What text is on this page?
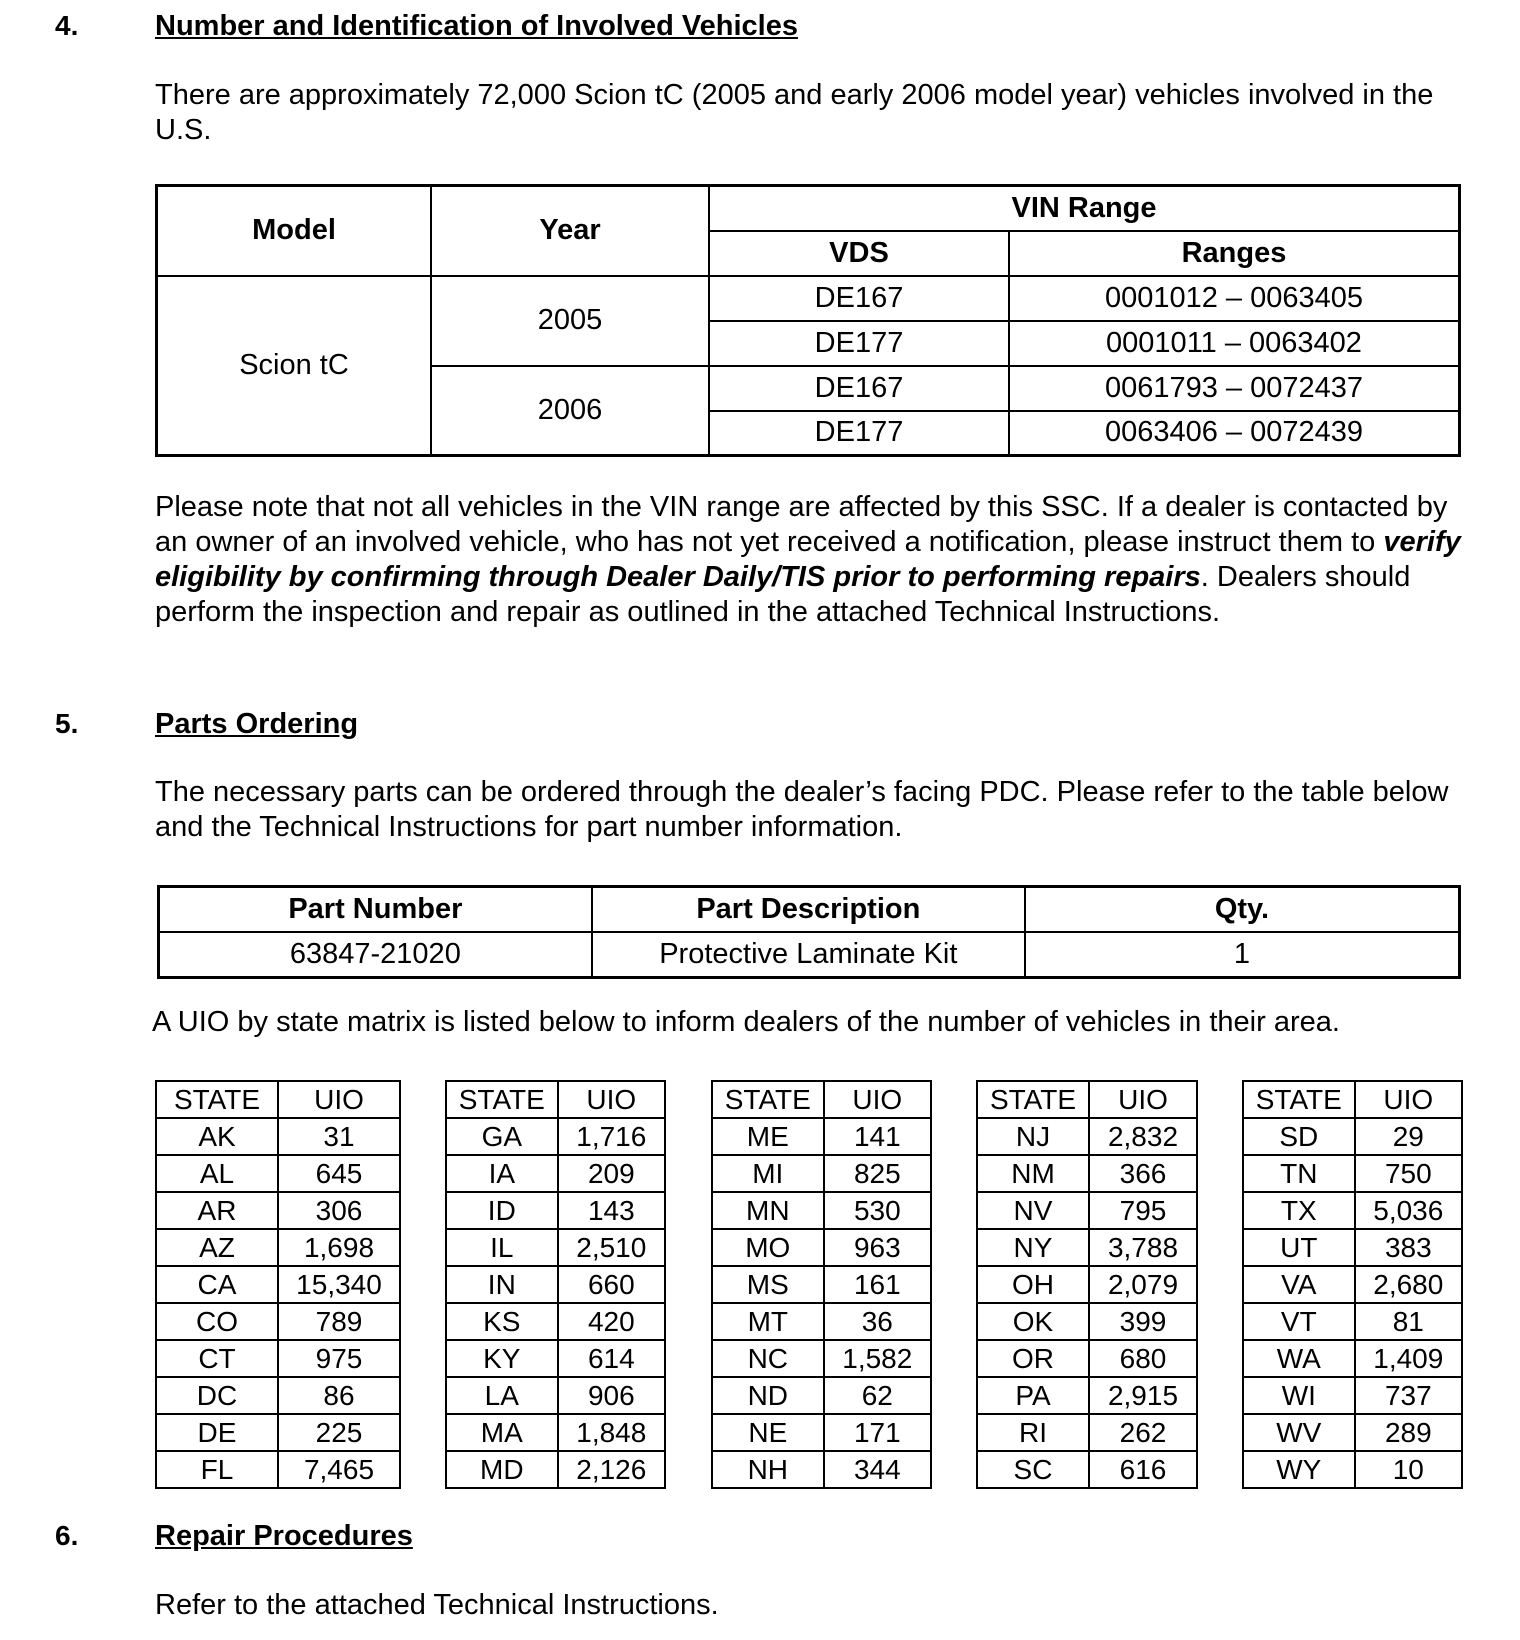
4.	Number and Identification of Involved Vehicles
There are approximately 72,000 Scion tC (2005 and early 2006 model year) vehicles involved in the U.S.
Model	Year	VIN Range	
		VDS	Ranges
Scion tC	2005	DE167	0001012 – 0063405
		DE177	0001011 – 0063402
	2006	DE167	0061793 – 0072437
		DE177	0063406 – 0072439
Please note that not all vehicles in the VIN range are affected by this SSC. If a dealer is contacted by an owner of an involved vehicle, who has not yet received a notification, please instruct them to verify eligibility by confirming through Dealer Daily/TIS prior to performing repairs. Dealers should perform the inspection and repair as outlined in the attached Technical Instructions.
5.	Parts Ordering
The necessary parts can be ordered through the dealer’s facing PDC. Please refer to the table below and the Technical Instructions for part number information.
Part Number	Part Description	Qty.
63847-21020	Protective Laminate Kit	1
A UIO by state matrix is listed below to inform dealers of the number of vehicles in their area.
STATE	UIO
AK	31
AL	645
AR	306
AZ	1,698
CA	15,340
CO	789
CT	975
DC	86
DE	225
FL	7,465
STATE	UIO
GA	1,716
IA	209
ID	143
IL	2,510
IN	660
KS	420
KY	614
LA	906
MA	1,848
MD	2,126
STATE	UIO
ME	141
MI	825
MN	530
MO	963
MS	161
MT	36
NC	1,582
ND	62
NE	171
NH	344
STATE	UIO
NJ	2,832
NM	366
NV	795
NY	3,788
OH	2,079
OK	399
OR	680
PA	2,915
RI	262
SC	616
STATE	UIO
SD	29
TN	750
TX	5,036
UT	383
VA	2,680
VT	81
WA	1,409
WI	737
WV	289
WY	10
6.	Repair Procedures
Refer to the attached Technical Instructions.
